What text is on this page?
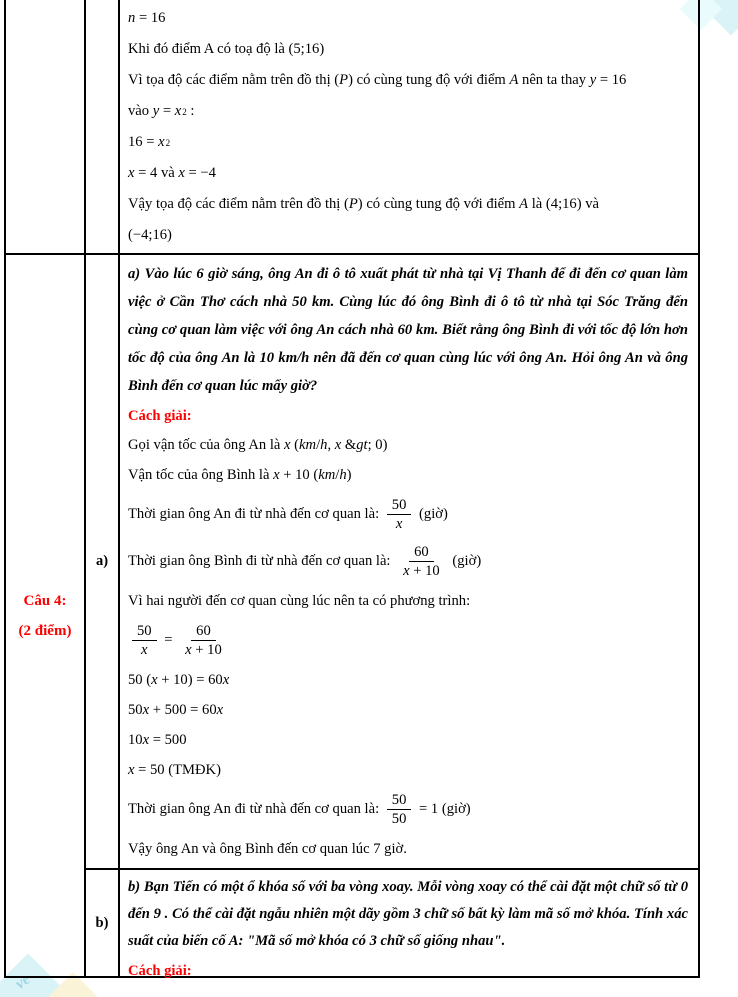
ve
n = 16
Khi đó điểm A có toạ độ là (5;16)
Vì tọa độ các điểm nằm trên đồ thị (P) có cùng tung độ với điểm A nên ta thay y = 16
vào y = x 2 :
16 = x 2
x = 4 và x = −4
Vậy tọa độ các điểm nằm trên đồ thị (P) có cùng tung độ với điểm A là (4;16) và
(−4;16)
Câu 4:
(2 điểm)
a)

a) Vào lúc 6 giờ sáng, ông An đi ô tô xuất phát từ nhà tại Vị Thanh để đi đến cơ quan làm việc ở Cần Thơ cách nhà 50 km. Cùng lúc đó ông Bình đi ô tô từ nhà tại Sóc Trăng đến cùng cơ quan làm việc với ông An cách nhà 60 km. Biết rằng ông Bình đi với tốc độ lớn hơn tốc độ của ông An là 10 km/h nên đã đến cơ quan cùng lúc với ông An. Hỏi ông An và ông Bình đến cơ quan lúc mấy giờ?

Cách giải:
Gọi vận tốc của ông An là x (km/h, x &gt; 0)
Vận tốc của ông Bình là x + 10 (km/h)
Thời gian ông An đi từ nhà đến cơ quan là: $\frac{50}{x}$ (giờ)
Thời gian ông Bình đi từ nhà đến cơ quan là: $\frac{60}{x + 10}$ (giờ)
Vì hai người đến cơ quan cùng lúc nên ta có phương trình:
$\frac{50}{x} = \frac{60}{x + 10}$
50 (x + 10) = 60x
50x + 500 = 60x
10x = 500
x = 50 (TMĐK)
Thời gian ông An đi từ nhà đến cơ quan là: $\frac{50}{50} = 1$ (giờ)
Vậy ông An và ông Bình đến cơ quan lúc 7 giờ.
b)

b) Bạn Tiến có một ổ khóa số với ba vòng xoay. Mỗi vòng xoay có thể cài đặt một chữ số từ 0 đến 9 . Có thể cài đặt ngẫu nhiên một dãy gồm 3 chữ số bất kỳ làm mã số mở khóa. Tính xác suất của biến cố A: "Mã số mở khóa có 3 chữ số giống nhau".

Cách giải:
